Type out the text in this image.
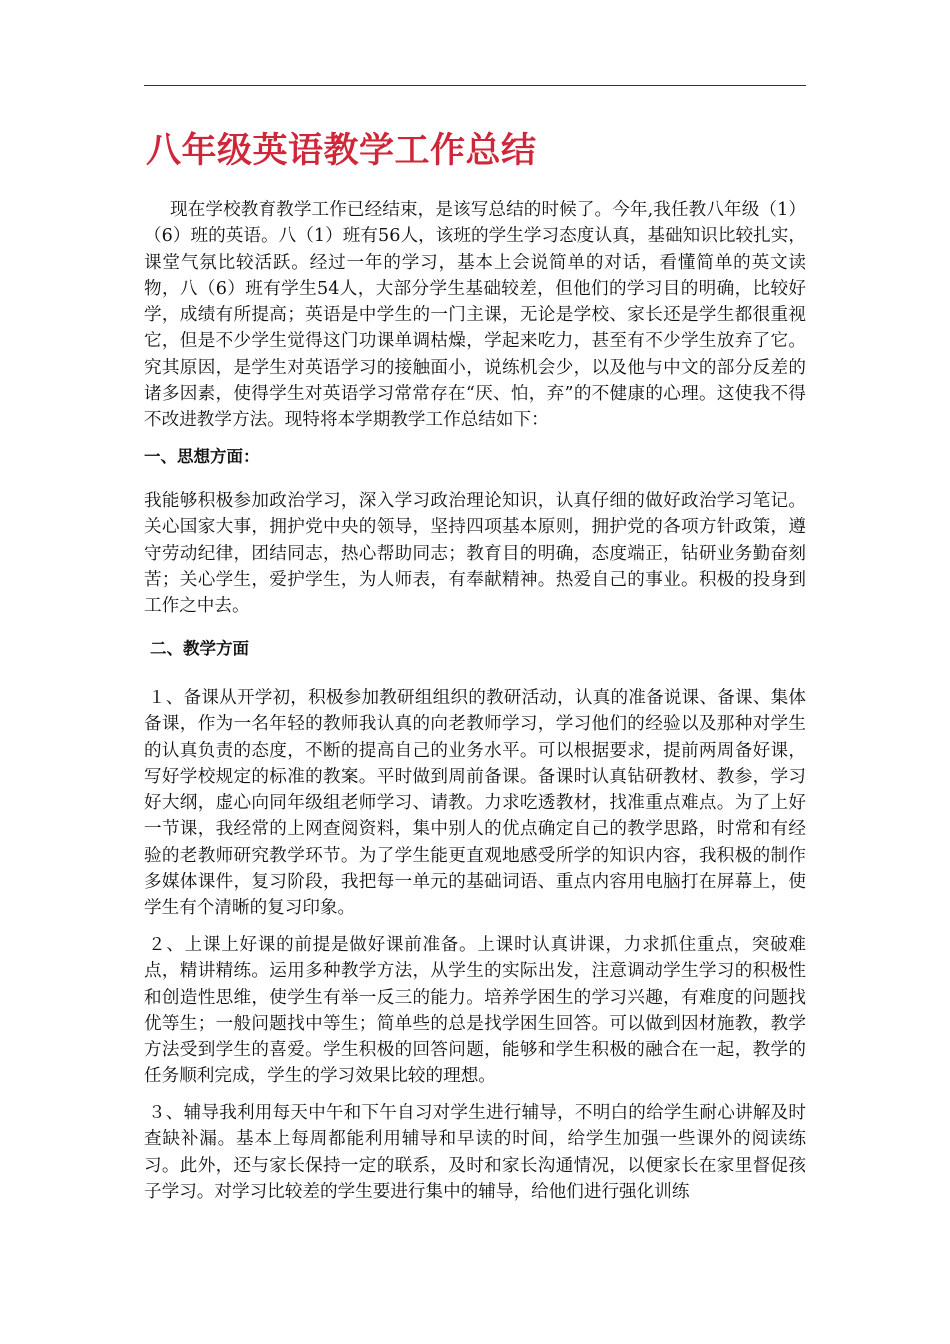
八年级英语教学工作总结

现在学校教育教学工作已经结束，是该写总结的时候了。今年,我任教八年级（1）（6）班的英语。八（1）班有56人，该班的学生学习态度认真，基础知识比较扎实，课堂气氛比较活跃。经过一年的学习，基本上会说简单的对话，看懂简单的英文读物，八（6）班有学生54人，大部分学生基础较差，但他们的学习目的明确，比较好学，成绩有所提高；英语是中学生的一门主课，无论是学校、家长还是学生都很重视它，但是不少学生觉得这门功课单调枯燥，学起来吃力，甚至有不少学生放弃了它。究其原因，是学生对英语学习的接触面小，说练机会少，以及他与中文的部分反差的诸多因素，使得学生对英语学习常常存在“厌、怕，弃”的不健康的心理。这使我不得不改进教学方法。现特将本学期教学工作总结如下：

一、思想方面：

我能够积极参加政治学习，深入学习政治理论知识，认真仔细的做好政治学习笔记。关心国家大事，拥护党中央的领导，坚持四项基本原则，拥护党的各项方针政策，遵守劳动纪律，团结同志，热心帮助同志；教育目的明确，态度端正，钻研业务勤奋刻苦；关心学生，爱护学生，为人师表，有奉献精神。热爱自己的事业。积极的投身到工作之中去。

二、教学方面

１、备课从开学初，积极参加教研组组织的教研活动，认真的准备说课、备课、集体备课，作为一名年轻的教师我认真的向老教师学习，学习他们的经验以及那种对学生的认真负责的态度，不断的提高自己的业务水平。可以根据要求，提前两周备好课，写好学校规定的标准的教案。平时做到周前备课。备课时认真钻研教材、教参，学习好大纲，虚心向同年级组老师学习、请教。力求吃透教材，找准重点难点。为了上好一节课，我经常的上网查阅资料，集中别人的优点确定自己的教学思路，时常和有经验的老教师研究教学环节。为了学生能更直观地感受所学的知识内容，我积极的制作多媒体课件，复习阶段，我把每一单元的基础词语、重点内容用电脑打在屏幕上，使学生有个清晰的复习印象。

２、上课上好课的前提是做好课前准备。上课时认真讲课，力求抓住重点，突破难点，精讲精练。运用多种教学方法，从学生的实际出发，注意调动学生学习的积极性和创造性思维，使学生有举一反三的能力。培养学困生的学习兴趣，有难度的问题找优等生；一般问题找中等生；简单些的总是找学困生回答。可以做到因材施教，教学方法受到学生的喜爱。学生积极的回答问题，能够和学生积极的融合在一起，教学的任务顺利完成，学生的学习效果比较的理想。

３、辅导我利用每天中午和下午自习对学生进行辅导，不明白的给学生耐心讲解及时查缺补漏。基本上每周都能利用辅导和早读的时间，给学生加强一些课外的阅读练习。此外，还与家长保持一定的联系，及时和家长沟通情况，以便家长在家里督促孩子学习。对学习比较差的学生要进行集中的辅导，给他们进行强化训练
